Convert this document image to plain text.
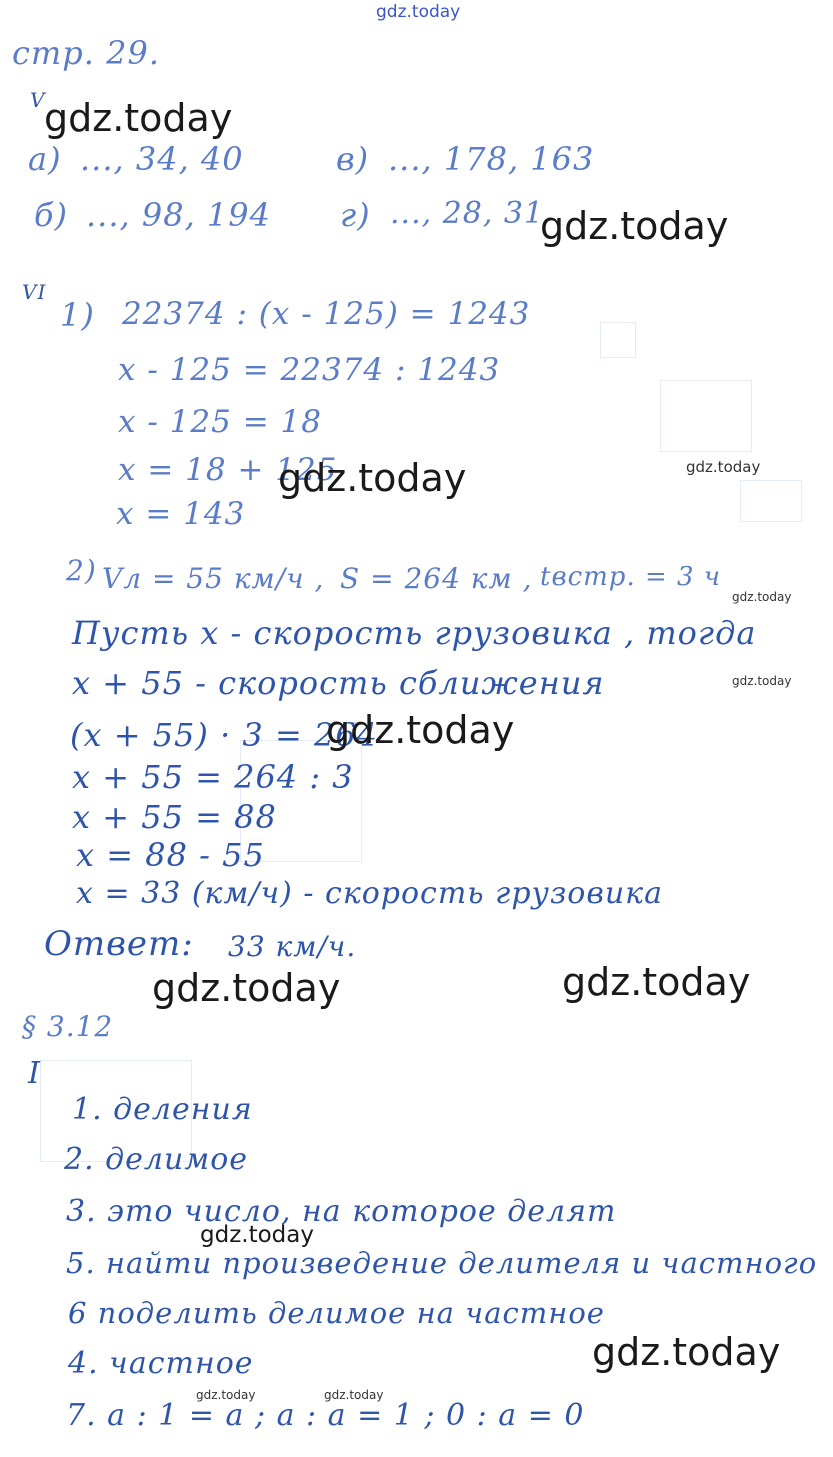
gdz.today
стр. 29.
V
gdz.today
а) ..., 34, 40	в) ..., 178, 163
б) ..., 98, 194 г) ..., 28, 31
gdz.today
VI
1) 22374 : (x - 125) = 1243
x - 125 = 22374 : 1243
x - 125 = 18
x = 18 + 125
gdz.today	gdz.today
x = 143
2) Vл = 55 км/ч , S = 264 км , tвстр. = 3 ч
gdz.today
Пусть x - скорость грузовика , тогда
x + 55 - скорость сближения	gdz.today
(x + 55) · 3 = 264
gdz.today
x + 55 = 264 : 3
x + 55 = 88
x = 88 - 55
x = 33 (км/ч) - скорость грузовика
Ответ: 33 км/ч.
gdz.today	gdz.today
§ 3.12
I
1. деления
2. делимое
3. это число, на которое делят
gdz.today
5. найти произведение делителя и частного
6 поделить делимое на частное
gdz.today
4. частное
gdz.today	gdz.today
7. a : 1 = a ; a : a = 1 ; 0 : a = 0
